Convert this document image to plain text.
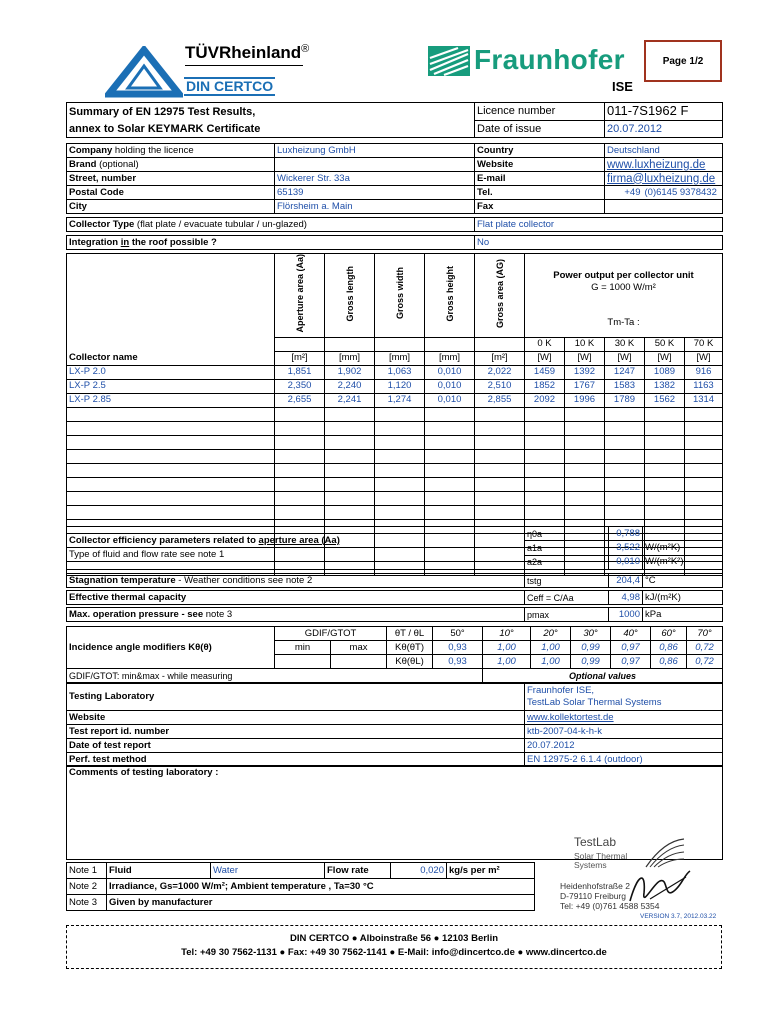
TÜVRheinland®
DIN CERTCO
Fraunhofer
ISE
Page 1/2
Summary of EN 12975 Test Results,	Licence number	011-7S1962 F
annex to Solar KEYMARK Certificate	Date of issue	20.07.2012
Company holding the licence	Luxheizung GmbH	Country	Deutschland	
Brand (optional)		Website	www.luxheizung.de	
Street, number	Wickerer Str. 33a	E-mail	firma@luxheizung.de	
Postal Code	65139	Tel.	+49	(0)6145 9378432
City	Flörsheim a. Main	Fax		
Collector Type (flat plate / evacuate tubular / un-glazed)	Flat plate collector
Integration in the roof possible ?	No
	Aperture area (Aa)	Gross length	Gross width	Gross height	Gross area (AG)	Power output per collector unit
G = 1000 W/m²				

						Tm-Ta :				
						0 K	10 K	30 K	50 K	70 K
Collector name	[m²]	[mm]	[mm]	[mm]	[m²]	[W]	[W]	[W]	[W]	[W]
LX-P 2.0	1,851	1,902	1,063	0,010	2,022	1459	1392	1247	1089	916
LX-P 2.5	2,350	2,240	1,120	0,010	2,510	1852	1767	1583	1382	1163
LX-P 2.85	2,655	2,241	1,274	0,010	2,855	2092	1996	1789	1562	1314

Collector efficiency parameters related to aperture area (Aa)
Type of fluid and flow rate see note 1	η0a	0,788	-
	a1a	3,522	W/(m²K)
	a2a	0,010	W/(m²K²)
Stagnation temperature - Weather conditions see note 2	tstg	204,4	°C

Effective thermal capacity	Ceff = C/Aa	4,98	kJ/(m²K)

Max. operation pressure - see note 3	pmax	1000	kPa
Incidence angle modifiers Kθ(θ)	GDIF/GTOT		θT / θL	50°	10°	20°	30°	40°	60°	70°
	min	max	Kθ(θT)	0,93	1,00	1,00	0,99	0,97	0,86	0,72
			Kθ(θL)	0,93	1,00	1,00	0,99	0,97	0,86	0,72
GDIF/GTOT: min&max - while measuring					Optional values					
Testing Laboratory	Fraunhofer ISE,
TestLab Solar Thermal Systems

Website	www.kollektortest.de
Test report id. number	ktb-2007-04-k-h-k
Date of test report	20.07.2012
Perf. test method	EN 12975-2 6.1.4 (outdoor)
Comments of testing laboratory :
Note 1	Fluid	Water	Flow rate	0,020	kg/s per m²
Note 2	Irradiance, Gs=1000 W/m²; Ambient temperature , Ta=30 °C				
Note 3	Given by manufacturer				
TestLab
Solar Thermal
Systems
Heidenhofstraße 2
D-79110 Freiburg
Tel: +49 (0)761 4588 5354
VERSION 3.7, 2012.03.22
DIN CERTCO ● Alboinstraße 56 ● 12103 Berlin
Tel: +49 30 7562-1131 ● Fax: +49 30 7562-1141 ● E-Mail: info@dincertco.de ● www.dincertco.de
